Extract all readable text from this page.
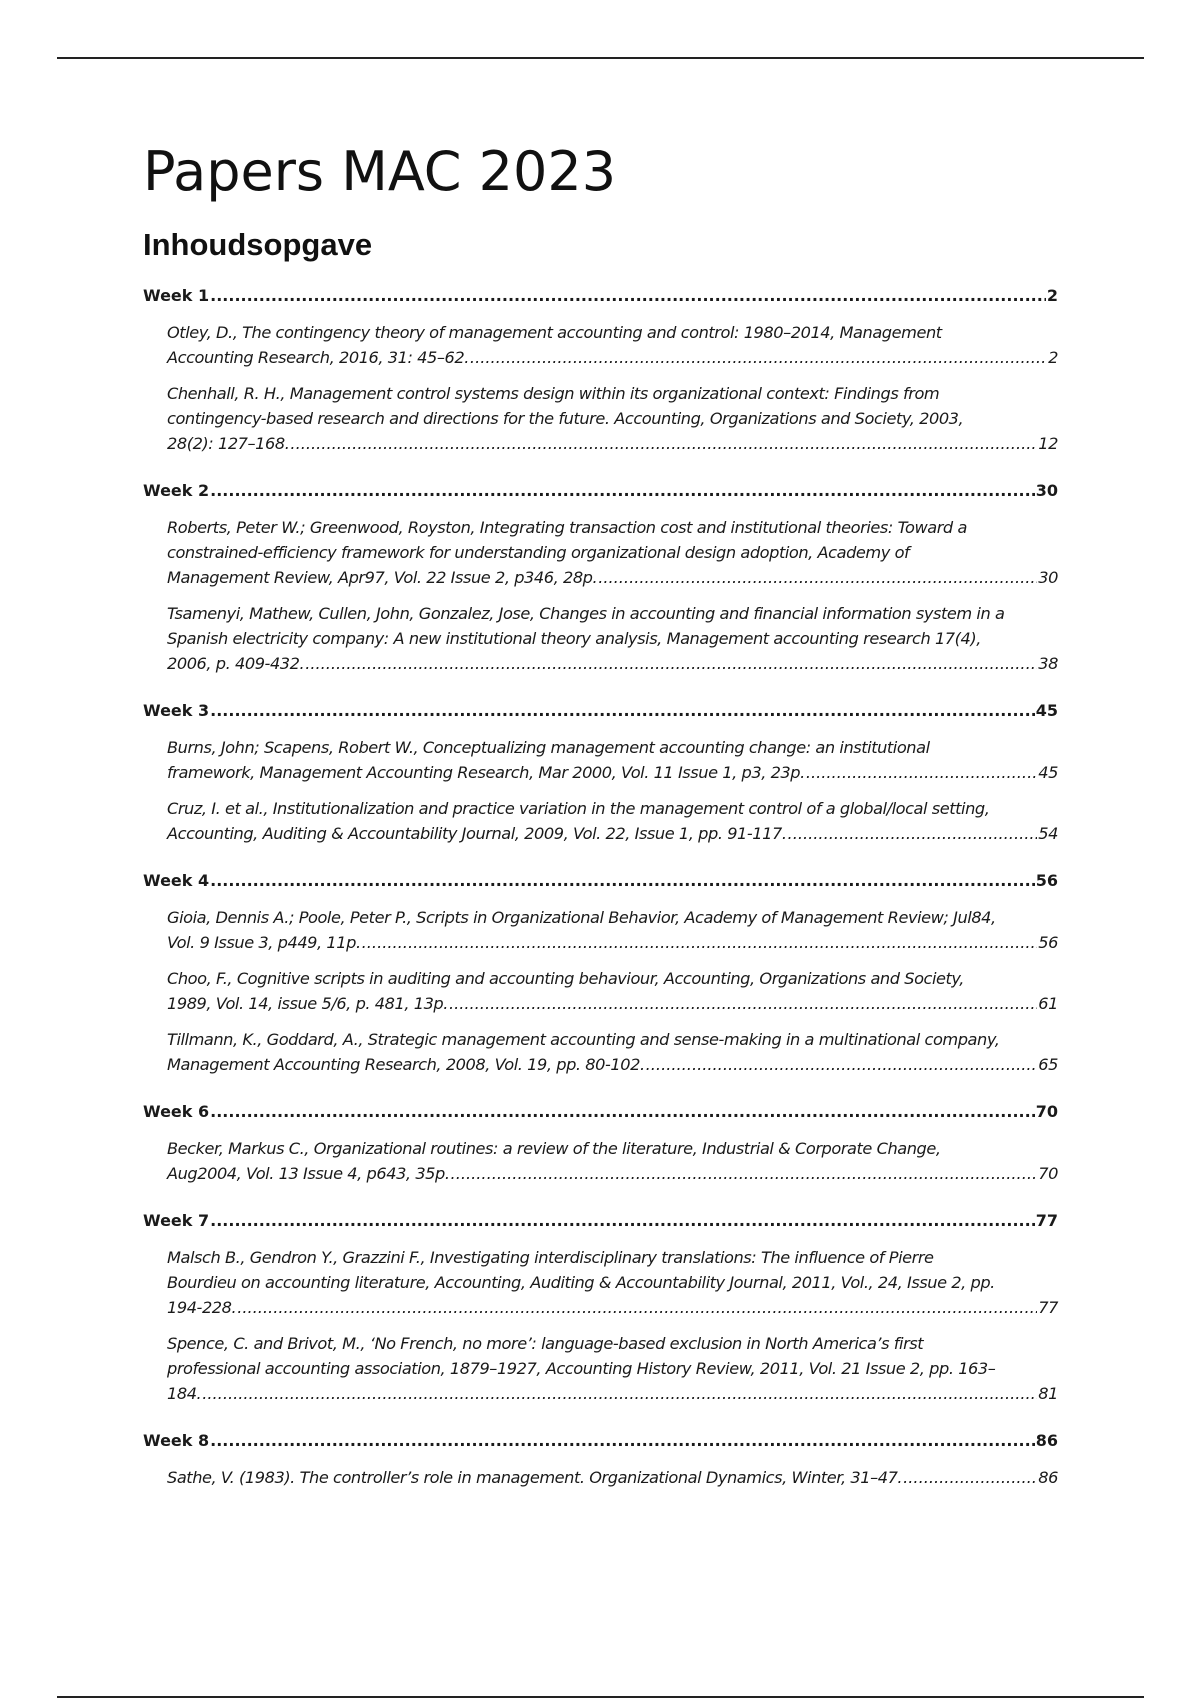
Papers MAC 2023
Inhoudsopgave
Week 1 .....	2
Otley, D., The contingency theory of management accounting and control: 1980–2014, Management
Accounting Research, 2016, 31: 45–62. .....	2
Chenhall, R. H., Management control systems design within its organizational context: Findings from
contingency-based research and directions for the future. Accounting, Organizations and Society, 2003,
28(2): 127–168. .....	12
Week 2 .....	30
Roberts, Peter W.; Greenwood, Royston, Integrating transaction cost and institutional theories: Toward a
constrained-efficiency framework for understanding organizational design adoption, Academy of
Management Review, Apr97, Vol. 22 Issue 2, p346, 28p. .....	30
Tsamenyi, Mathew, Cullen, John, Gonzalez, Jose, Changes in accounting and financial information system in a
Spanish electricity company: A new institutional theory analysis, Management accounting research 17(4),
2006, p. 409-432. .....	38
Week 3 .....	45
Burns, John; Scapens, Robert W., Conceptualizing management accounting change: an institutional
framework, Management Accounting Research, Mar 2000, Vol. 11 Issue 1, p3, 23p. .....	45
Cruz, I. et al., Institutionalization and practice variation in the management control of a global/local setting,
Accounting, Auditing & Accountability Journal, 2009, Vol. 22, Issue 1, pp. 91-117. .....	54
Week 4 .....	56
Gioia, Dennis A.; Poole, Peter P., Scripts in Organizational Behavior, Academy of Management Review; Jul84,
Vol. 9 Issue 3, p449, 11p. .....	56
Choo, F., Cognitive scripts in auditing and accounting behaviour, Accounting, Organizations and Society,
1989, Vol. 14, issue 5/6, p. 481, 13p. .....	61
Tillmann, K., Goddard, A., Strategic management accounting and sense-making in a multinational company,
Management Accounting Research, 2008, Vol. 19, pp. 80-102. .....	65
Week 6 .....	70
Becker, Markus C., Organizational routines: a review of the literature, Industrial & Corporate Change,
Aug2004, Vol. 13 Issue 4, p643, 35p. .....	70
Week 7 .....	77
Malsch B., Gendron Y., Grazzini F., Investigating interdisciplinary translations: The influence of Pierre
Bourdieu on accounting literature, Accounting, Auditing & Accountability Journal, 2011, Vol., 24, Issue 2, pp.
194-228. .....	77
Spence, C. and Brivot, M., ‘No French, no more’: language-based exclusion in North America’s first
professional accounting association, 1879–1927, Accounting History Review, 2011, Vol. 21 Issue 2, pp. 163–
184. .....	81
Week 8 .....	86
Sathe, V. (1983). The controller’s role in management. Organizational Dynamics, Winter, 31–47. .....	86
